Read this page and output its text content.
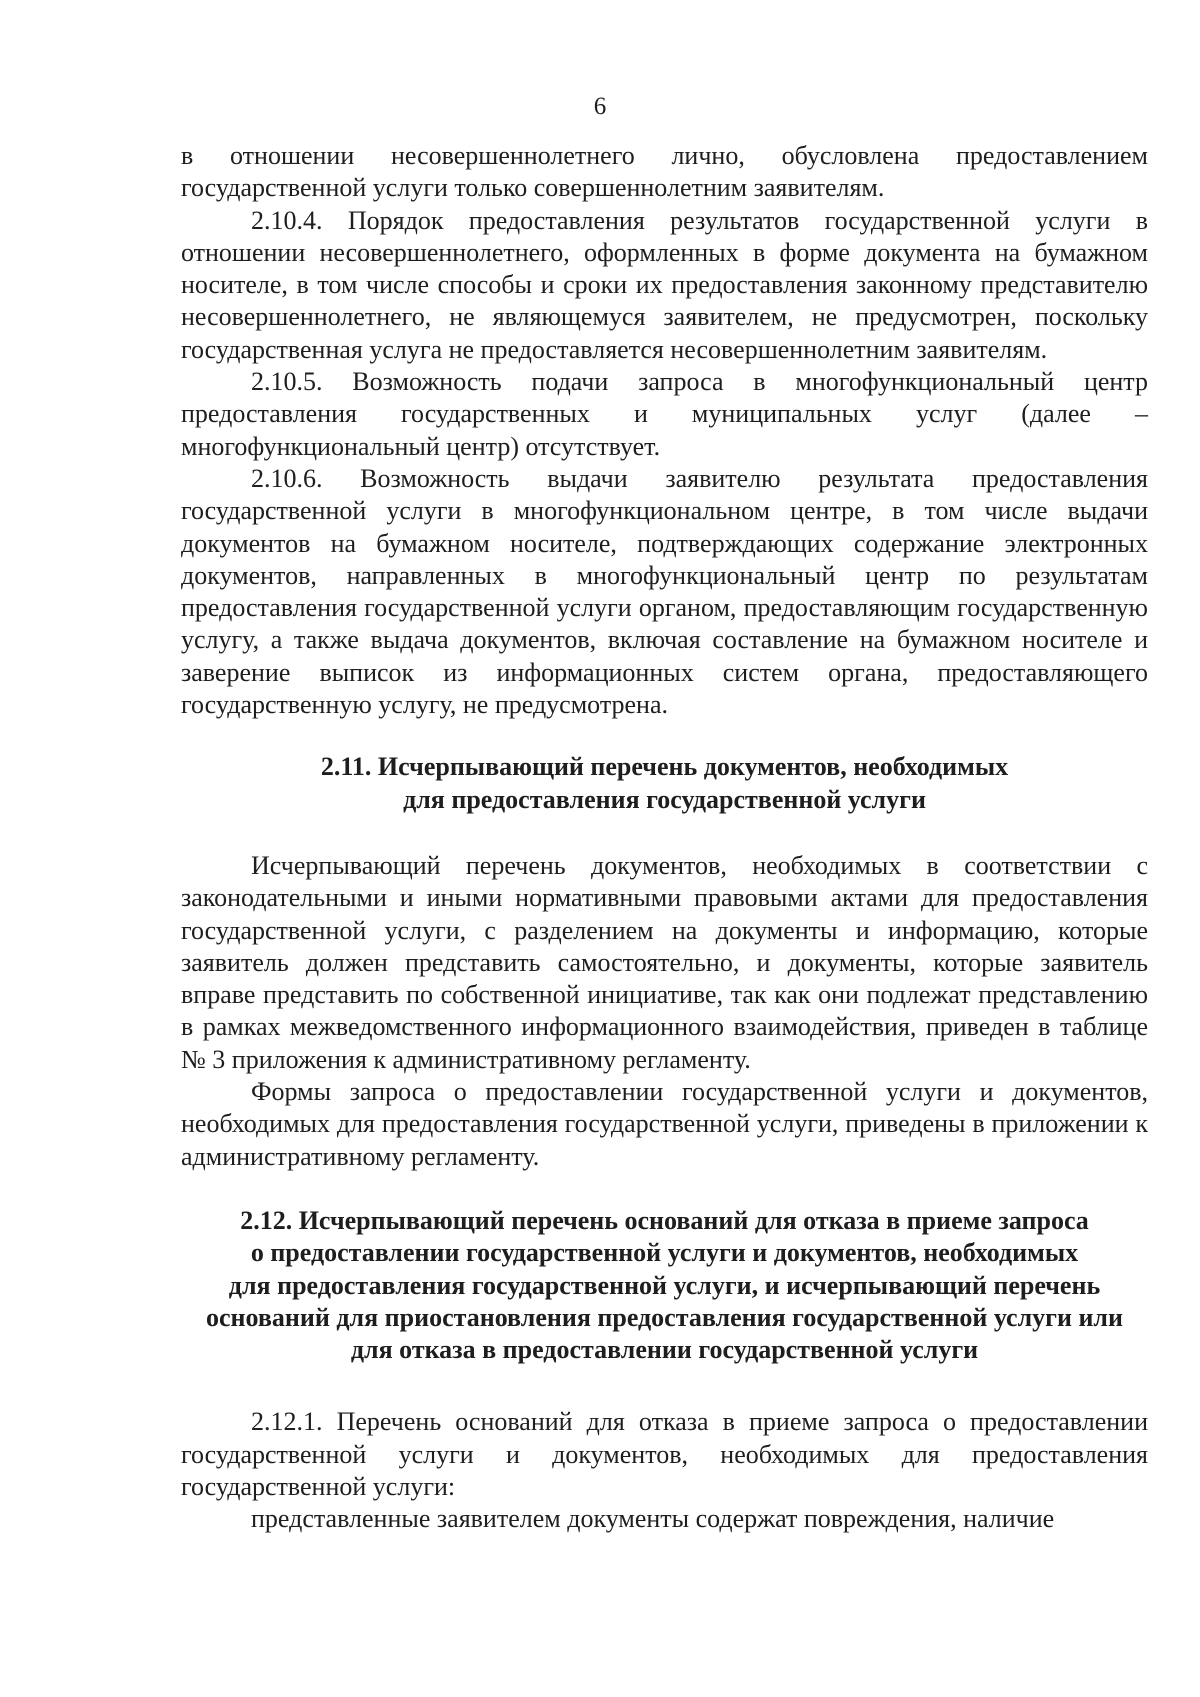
6

в отношении несовершеннолетнего лично, обусловлена предоставлением государственной услуги только совершеннолетним заявителям.

2.10.4. Порядок предоставления результатов государственной услуги в отношении несовершеннолетнего, оформленных в форме документа на бумажном носителе, в том числе способы и сроки их предоставления законному представителю несовершеннолетнего, не являющемуся заявителем, не предусмотрен, поскольку государственная услуга не предоставляется несовершеннолетним заявителям.

2.10.5. Возможность подачи запроса в многофункциональный центр предоставления государственных и муниципальных услуг (далее – многофункциональный центр) отсутствует.

2.10.6. Возможность выдачи заявителю результата предоставления государственной услуги в многофункциональном центре, в том числе выдачи документов на бумажном носителе, подтверждающих содержание электронных документов, направленных в многофункциональный центр по результатам предоставления государственной услуги органом, предоставляющим государственную услугу, а также выдача документов, включая составление на бумажном носителе и заверение выписок из информационных систем органа, предоставляющего государственную услугу, не предусмотрена.

2.11. Исчерпывающий перечень документов, необходимых
для предоставления государственной услуги

Исчерпывающий перечень документов, необходимых в соответствии с законодательными и иными нормативными правовыми актами для предоставления государственной услуги, с разделением на документы и информацию, которые заявитель должен представить самостоятельно, и документы, которые заявитель вправе представить по собственной инициативе, так как они подлежат представлению в рамках межведомственного информационного взаимодействия, приведен в таблице № 3 приложения к административному регламенту.

Формы запроса о предоставлении государственной услуги и документов, необходимых для предоставления государственной услуги, приведены в приложении к административному регламенту.

2.12. Исчерпывающий перечень оснований для отказа в приеме запроса
о предоставлении государственной услуги и документов, необходимых
для предоставления государственной услуги, и исчерпывающий перечень
оснований для приостановления предоставления государственной услуги или
для отказа в предоставлении государственной услуги

2.12.1. Перечень оснований для отказа в приеме запроса о предоставлении государственной услуги и документов, необходимых для предоставления государственной услуги:

представленные заявителем документы содержат повреждения, наличие
